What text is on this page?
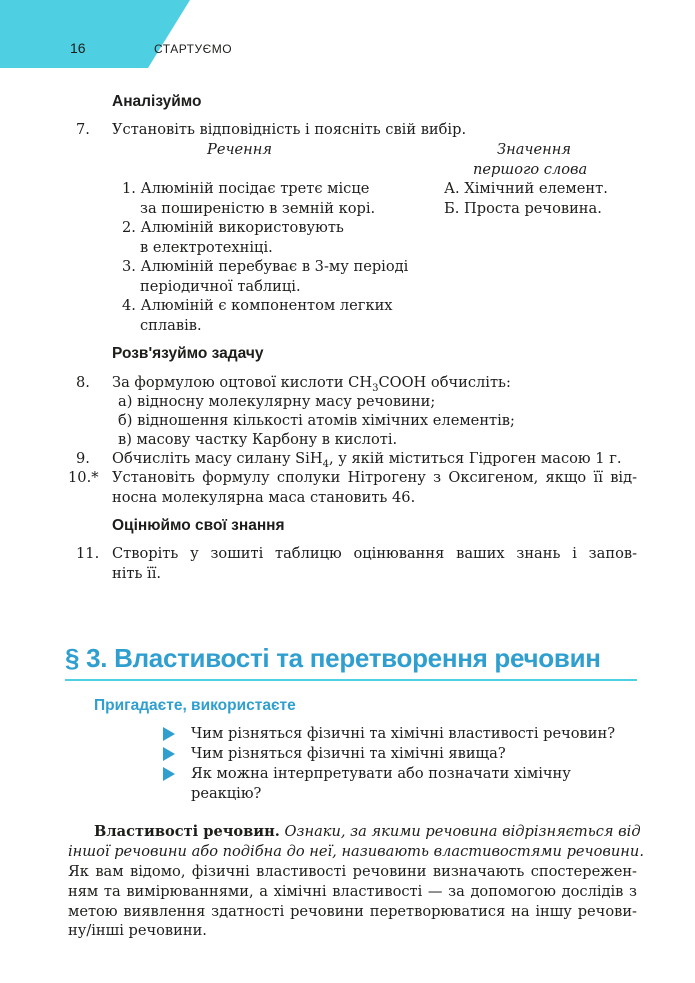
16	СТАРТУЄМО
Аналізуймо
7. Установіть відповідність і поясніть свій вибір.
Речення	Значення
першого слова
1. Алюміній посідає третє місце
за поширеністю в земній корі.
2. Алюміній використовують
в електротехніці.
3. Алюміній перебуває в 3-му періоді
періодичної таблиці.
4. Алюміній є компонентом легких
сплавів.
А. Хімічний елемент.
Б. Проста речовина.
Розв'язуймо задачу
8. За формулою оцтової кислоти $CH_3COOH$ обчисліть:
а) відносну молекулярну масу речовини;
б) відношення кількості атомів хімічних елементів;
в) масову частку Карбону в кислоті.
9. Обчисліть масу силану SiH$_4$, у якій міститься Гідроген масою 1 г.
10.* Установіть формулу сполуки Нітрогену з Оксигеном, якщо її від-
носна молекулярна маса становить 46.
Оцінюймо свої знання
11. Створіть у зошиті таблицю оцінювання ваших знань і запов-
ніть її.
§ 3. Властивості та перетворення речовин
Пригадаєте, використаєте
Чим різняться фізичні та хімічні властивості речовин?
Чим різняться фізичні та хімічні явища?
Як можна інтерпретувати або позначати хімічну
реакцію?
Властивості речовин. Ознаки, за якими речовина відрізняється від
іншої речовини або подібна до неї, називають властивостями речовини.
Як вам відомо, фізичні властивості речовини визначають спостережен-
ням та вимірюваннями, а хімічні властивості — за допомогою дослідів з
метою виявлення здатності речовини перетворюватися на іншу речови-
ну/інші речовини.
